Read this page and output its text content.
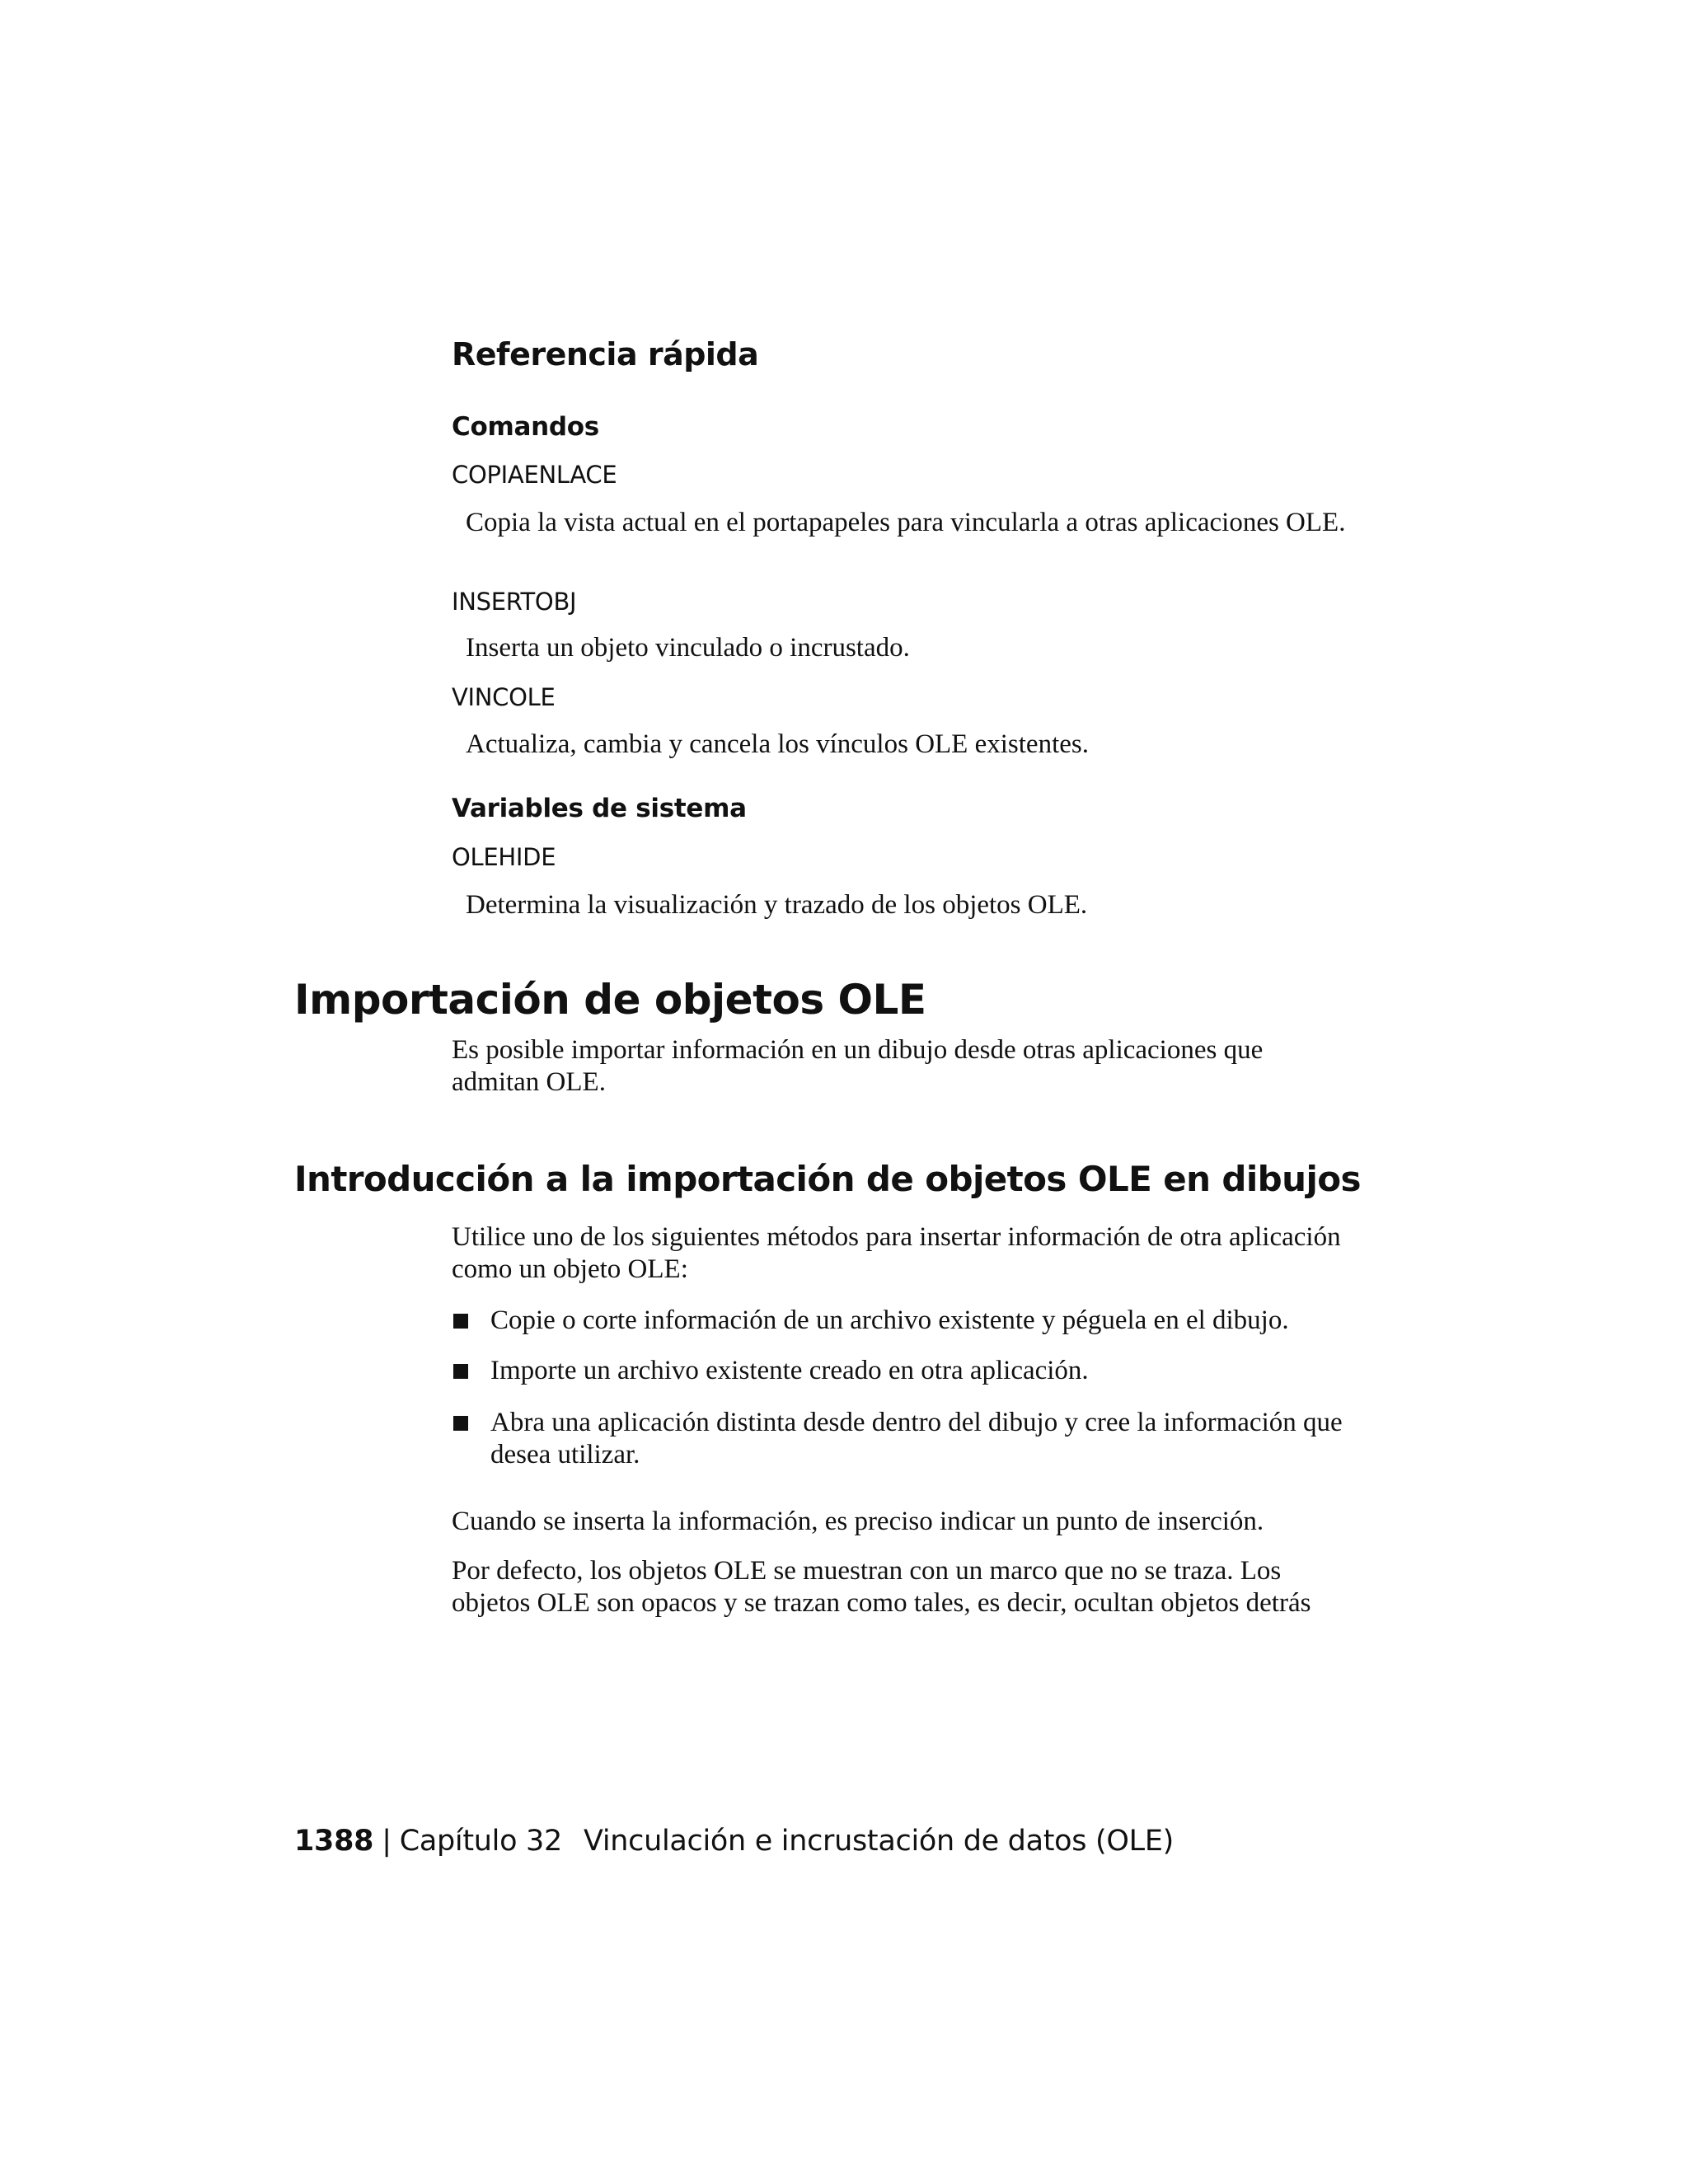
Referencia rápida
Comandos
COPIAENLACE
Copia la vista actual en el portapapeles para vincularla a otras aplicaciones OLE.
INSERTOBJ
Inserta un objeto vinculado o incrustado.
VINCOLE
Actualiza, cambia y cancela los vínculos OLE existentes.
Variables de sistema
OLEHIDE
Determina la visualización y trazado de los objetos OLE.
Importación de objetos OLE
Es posible importar información en un dibujo desde otras aplicaciones que admitan OLE.
Introducción a la importación de objetos OLE en dibujos
Utilice uno de los siguientes métodos para insertar información de otra aplicación como un objeto OLE:
Copie o corte información de un archivo existente y péguela en el dibujo.
Importe un archivo existente creado en otra aplicación.
Abra una aplicación distinta desde dentro del dibujo y cree la información que desea utilizar.
Cuando se inserta la información, es preciso indicar un punto de inserción.
Por defecto, los objetos OLE se muestran con un marco que no se traza. Los objetos OLE son opacos y se trazan como tales, es decir, ocultan objetos detrás
1388 | Capítulo 32 Vinculación e incrustación de datos (OLE)
